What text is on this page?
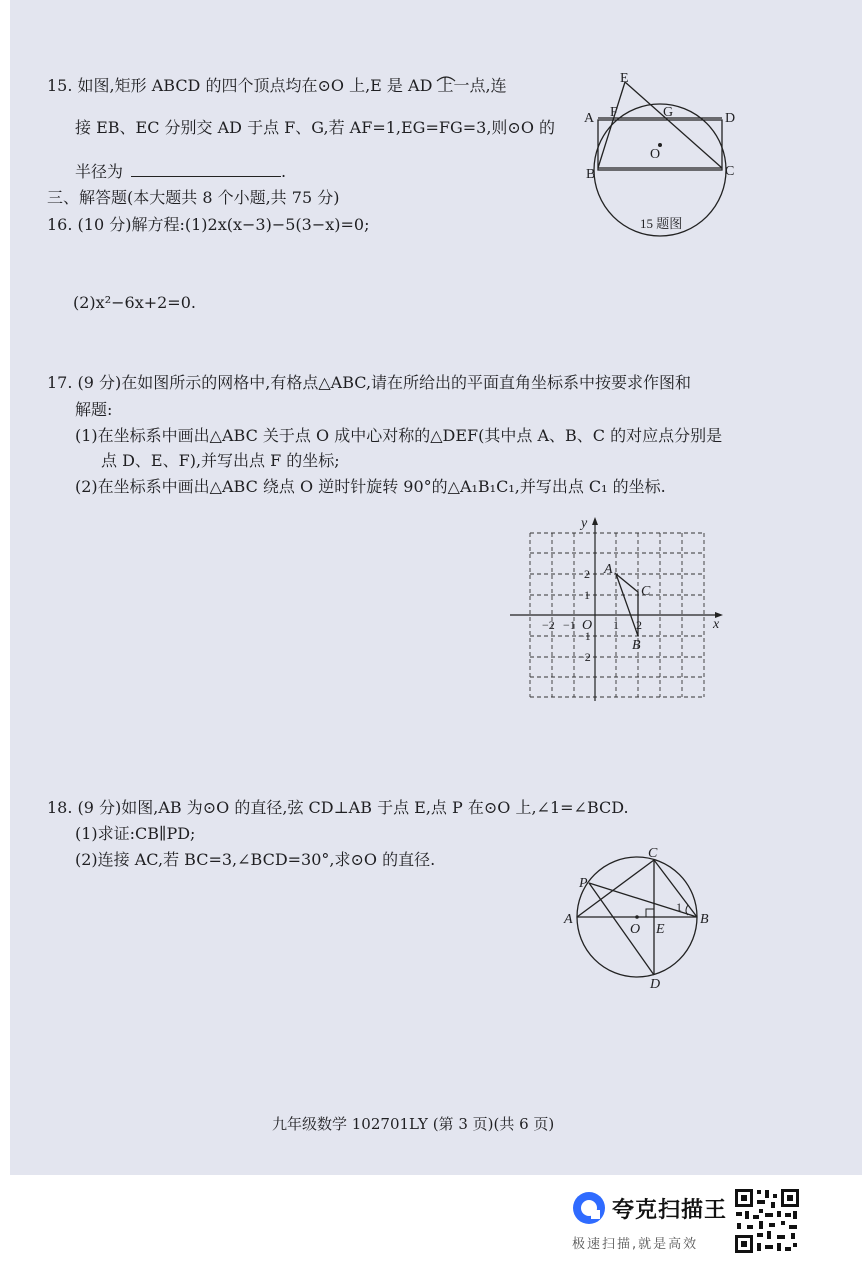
15. 如图,矩形 ABCD 的四个顶点均在⊙O 上,E 是 AD 上一点,连
接 EB、EC 分别交 AD 于点 F、G,若 AF=1,EG=FG=3,则⊙O 的
半径为	.
E
A	D
F	G
O
B	C
15 题图
三、解答题(本大题共 8 个小题,共 75 分)
16. (10 分)解方程:(1)2x(x−3)−5(3−x)=0;
(2)x²−6x+2=0.
17. (9 分)在如图所示的网格中,有格点△ABC,请在所给出的平面直角坐标系中按要求作图和
解题:
(1)在坐标系中画出△ABC 关于点 O 成中心对称的△DEF(其中点 A、B、C 的对应点分别是
点 D、E、F),并写出点 F 的坐标;
(2)在坐标系中画出△ABC 绕点 O 逆时针旋转 90°的△A₁B₁C₁,并写出点 C₁ 的坐标.
y
x
O
A
B
C
−2 −1	1 2
2
1
−1
−2
18. (9 分)如图,AB 为⊙O 的直径,弦 CD⊥AB 于点 E,点 P 在⊙O 上,∠1=∠BCD.
(1)求证:CB∥PD;
(2)连接 AC,若 BC=3,∠BCD=30°,求⊙O 的直径.	C
P
A	B
O E
D
1
九年级数学 102701LY (第 3 页)(共 6 页)
夸克扫描王
极速扫描,就是高效
